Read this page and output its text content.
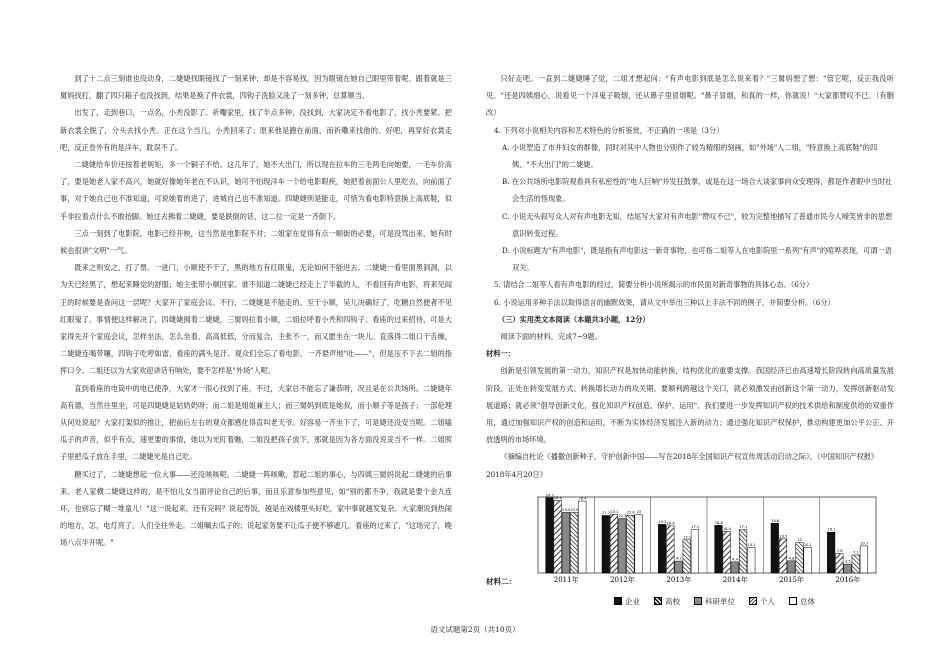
到了十二点三刻谁也没动身，二婕婕找眼镜找了一刻来钟；却是不容易找，因为眼镜在她自己眼里带着呢。跟着就是三舅妈找打，翻了四只箱子也没找到，结果是换了件衣裳，四钩子洗脸又洗了一刻多钟，总算顺当。

出发了，走到巷口，一点名，小秃没影了。祈嘞家里，找了半点多钟，没找到，大家决定不看电影了，找小秃要紧。把新衣裳全脱了，分头去找小秃。正在这个当儿，小秃回来了；原来他是跑在前面，而祈嘞来找他的。好吧，再穿好衣裳走吧，反正卷外有的是洋车，耽误不了。

二婕婕给车价还按着老规矩，多一个铜子不给。这几年了，她不大出门，所以现在拉车的三毛两毛向她要，一毛车价高了，要是她老人家不高兴，她就好像她年老在不认识，她可不怕现洋车一个给电影眼疾，她把着前面公人里吃去，向前面了事，对于她自己也不准知道，可说她着的进了，进城自己也不准知道。四婕婕则是能走，可惜为看电影特意换上高底鞋，似乎非拉着点什么不敢抬脚。她过去拂着二婕婕，要是跌倒的话，这二位一定是一齐倒下。

三点一刻到了电影院。电影已经开映，这当然是电影院不对；二姐家在觉得有点一顺街的必要，可是没骂出来，她有时候也很讲"文明"一气。

既来之则安之，打了票。一进门，小顺使不干了，黑的地方有红眼鬼，无论如何不能进去。二婕婕一看里面黑洞洞，以为天已经黑了，想起来睡觉的舒服；她主张带小顺回家。谁不知道二婕婕已经走上了半截的人，不看回有声电影，将来见阎王的时候要是查问这一层呢？大家开了家庭会议。不行，二婕婕是不能走的。至于小顺，吴儿决确好了，吃糖自然便者不见红眼鬼了。事情便这样解决了，四婕婕拥着二婕婕，三舅妈拉着小顺，二姐拉呼着小秃和四钩子。看座的过来招待，可是大家得先开个家庭会议，怎样坐法，怎么坐着，高高低低，分而复合，主张不一，而又愿坐在一块儿。直落得二姐口干舌燥，二婕婕连喝带嚷，四钩子吃哼如雷，看座的满头是汗。观众们全忘了看电影，一齐悬声地"吐——"，但是压不下去二姐的指挥口令。二姐还以为大家欢迎讲话有响处，要不怎样是"外场"人呢。

直到看座的电筒中的电已使净，大家才一很心找到了座，不过，大家总不能忘了谦恭呀，况且是在公共场所。二婕婕年高有德，当然往里坐，可是四婕婕是姑奶奶呀；而二姐是姐姐兼主人；而三舅妈到底是她叔，而小顺子等是孩子；一部伦理从何处说起？大家打架似的推让，把前后左右的观众都感化得直叫老天爷。好容易一齐坐下了，可是婕还没安当呢。二姐嗑瓜子的声音，似乎有点，速更要的事情，她以为光盯着瞧，二姐没把孩子放下，那就是因为各方面没说妥当不一样。二姐照子里把瓜子放在手里，二婕婕光是自己吃。

糖买过了，二婕婕想起一位大事——还没咳咳呢。二婕婕一阵咳嗽，惹起二姐的事心，与四姨三舅妈说起二婕婕的后事来。老人家横二婕婕这样的，是不怕儿女当面评论自己的后事，而且乐意参加些意见，如"别的都不争，我就是要个金九连环，也别忘了糊一堆童儿！"这一说起来，还有完吗？说起寿饭，越是在戏楼里头好吃，家中事就越发复杂。大家潮说到热闹的地方，怎，电灯亮了，人们全往外走。二姐嘱去瓜子的；说起家务要不让瓜子便不够遮几。看座的过来了，"这场完了，晚场八点半开呢。"

只好走吧。一直到二婕婕睡了觉，二姐才想起问："有声电影到底是怎么说来着？"三舅妈想了想："管它呢，反正我没听见。"还是四姨细心，说看见一个洋鬼子吸烟，还从鼻子里冒烟呢。"鼻子冒烟，和真的一样，你就说！"大家都赞叹不已。（有删改）

4. 下列对小说相关内容和艺术特色的分析鉴赏，不正确的一项是（3分）

A. 小说塑造了市井妇女的群像，同时对其中人物也分别作了较为精细的刻画，如"外场"人二姐，"特意换上高底鞋"的四姨、"不大出门"的二婕婕。

B. 在公共场所电影院观看具有私密性的"电人巨响"并发狂鼓掌，或是在这一场合大谈家事向众安理得，都是作者眼中当时社会生活的怪现象。

C. 小说无头叙写众人对有声电影无知，结尾写大家对有声电影"赞叹不已"，较为完整地描写了普通市民今人啼笑皆非的思想意识转变过程。

D. 小说标题为"有声电影"，既是指有声电影这一新奇事物，也可指二姐等人在电影院里一系列"有声"的喧哗表现，可谓一语双关。

5. 请结合二姐等人看有声电影的经过，简要分析小说所揭示的市民面对新奇事物的具体心态。（6分）

6. 小说运用多种手法以取得语言的幽默效果，请从文中举出三种以上手法不同的例子，并简要分析。（6分）

（三）实用类文本阅读（本题共3小题，12分）

阅读下面的材料，完成7~9题。

材料一：

创新是引领发展的第一动力，知识产权是加快动能转换，结构优化的重要支撑。我国经济已由高速增长阶段转向高质量发展阶段，正处在转变发展方式、转换增长动力的攻关期。要顺利跨越这个关口，就必须激发由创新这个第一动力，发挥创新驱动发展道路；就必须"倡导创新文化，强化知识产权创造、保护、运用"。我们要进一步发挥知识产权的技术供给和制度供给的双重作用，通过加强知识产权的创造和运用，不断为实体经济发展注入新的动力；通过强化知识产权保护，推动构建更加公平公正、开放透明的市场环境。

《摘编自杜论《播撒创新种子，守护创新中国——写在2018年全国知识产权宣传周活动启动之际》，《中国知识产权报》2018年4月20日》

29.7
28.6
23.9 23.9
28.4
2011年
22.7 23.1
21.5
22.8 23
2012年
19.2 18.6
4.7
13.1
17.1
2013年
18.8
16.4
4.4
17.1
10.1
2014年
19.6
13.5
4.8
12
10.1
2015年
16.1
7.6
3.5
7.1
10.7
2016年
企业	高校	科研单位	个人	总体
材料二：
语文试题第2页（共10页）
